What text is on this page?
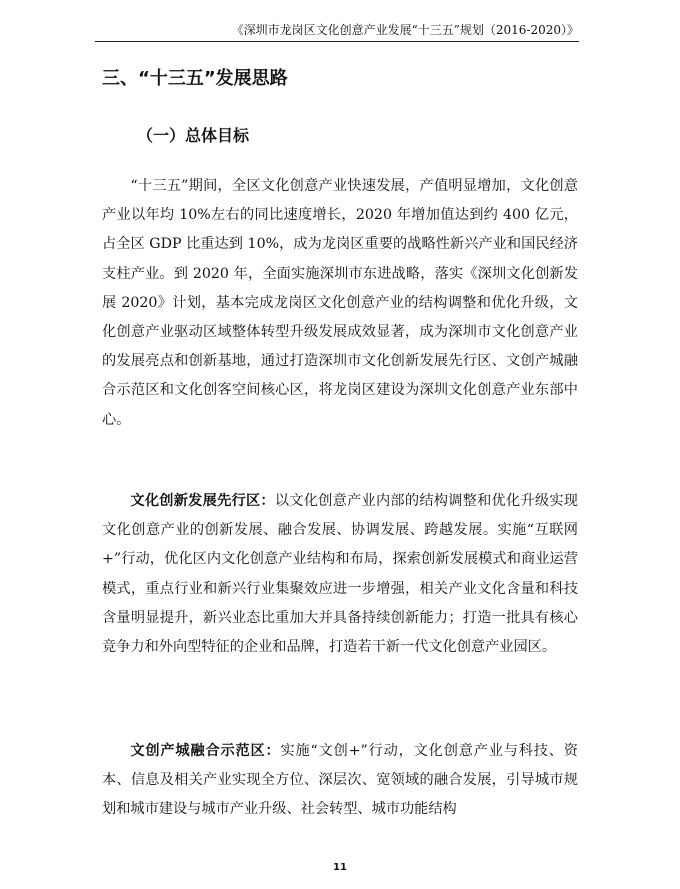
《深圳市龙岗区文化创意产业发展“十三五”规划（2016-2020）》
三、“十三五”发展思路
（一）总体目标

“十三五”期间，全区文化创意产业快速发展，产值明显增加，文化创意产业以年均 10%左右的同比速度增长，2020 年增加值达到约 400 亿元，占全区 GDP 比重达到 10%，成为龙岗区重要的战略性新兴产业和国民经济支柱产业。到 2020 年，全面实施深圳市东进战略，落实《深圳文化创新发展 2020》计划，基本完成龙岗区文化创意产业的结构调整和优化升级，文化创意产业驱动区域整体转型升级发展成效显著，成为深圳市文化创意产业的发展亮点和创新基地，通过打造深圳市文化创新发展先行区、文创产城融合示范区和文化创客空间核心区，将龙岗区建设为深圳文化创意产业东部中心。

文化创新发展先行区：以文化创意产业内部的结构调整和优化升级实现文化创意产业的创新发展、融合发展、协调发展、跨越发展。实施“互联网+”行动，优化区内文化创意产业结构和布局，探索创新发展模式和商业运营模式，重点行业和新兴行业集聚效应进一步增强，相关产业文化含量和科技含量明显提升，新兴业态比重加大并具备持续创新能力；打造一批具有核心竞争力和外向型特征的企业和品牌，打造若干新一代文化创意产业园区。

文创产城融合示范区：实施“文创+”行动，文化创意产业与科技、资本、信息及相关产业实现全方位、深层次、宽领域的融合发展，引导城市规划和城市建设与城市产业升级、社会转型、城市功能结构

11
